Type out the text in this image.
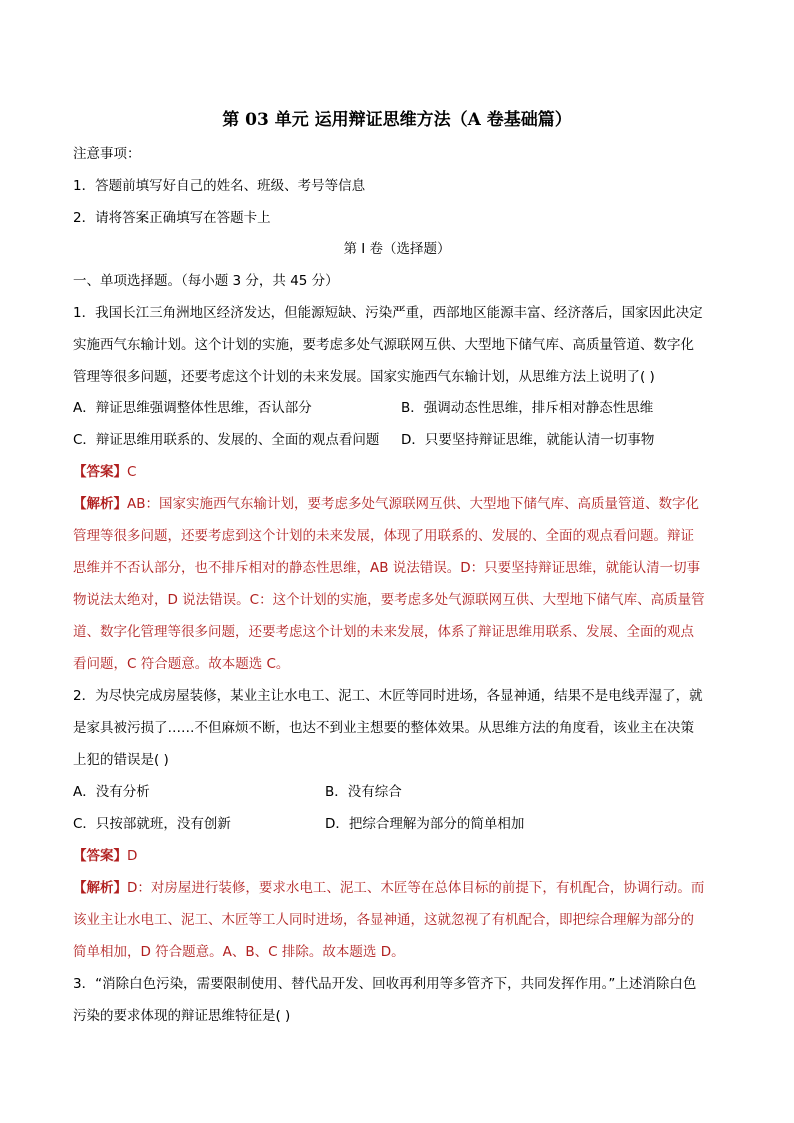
第 03 单元 运用辩证思维方法（A 卷基础篇）
注意事项：
1．答题前填写好自己的姓名、班级、考号等信息
2．请将答案正确填写在答题卡上
第 I 卷（选择题）
一、单项选择题。（每小题 3 分，共 45 分）
1．我国长江三角洲地区经济发达，但能源短缺、污染严重，西部地区能源丰富、经济落后，国家因此决定
实施西气东输计划。这个计划的实施，要考虑多处气源联网互供、大型地下储气库、高质量管道、数字化
管理等很多问题，还要考虑这个计划的未来发展。国家实施西气东输计划，从思维方法上说明了( )
A．辩证思维强调整体性思维，否认部分	B．强调动态性思维，排斥相对静态性思维
C．辩证思维用联系的、发展的、全面的观点看问题 D．只要坚持辩证思维，就能认清一切事物
【答案】C
【解析】AB：国家实施西气东输计划，要考虑多处气源联网互供、大型地下储气库、高质量管道、数字化
管理等很多问题，还要考虑到这个计划的未来发展，体现了用联系的、发展的、全面的观点看问题。辩证
思维并不否认部分，也不排斥相对的静态性思维，AB 说法错误。D：只要坚持辩证思维，就能认清一切事
物说法太绝对，D 说法错误。C：这个计划的实施，要考虑多处气源联网互供、大型地下储气库、高质量管
道、数字化管理等很多问题，还要考虑这个计划的未来发展，体系了辩证思维用联系、发展、全面的观点
看问题，C 符合题意。故本题选 C。
2．为尽快完成房屋装修，某业主让水电工、泥工、木匠等同时进场，各显神通，结果不是电线弄湿了，就
是家具被污损了……不但麻烦不断，也达不到业主想要的整体效果。从思维方法的角度看，该业主在决策
上犯的错误是( )
A．没有分析	B．没有综合
C．只按部就班，没有创新	D．把综合理解为部分的简单相加
【答案】D
【解析】D：对房屋进行装修，要求水电工、泥工、木匠等在总体目标的前提下，有机配合，协调行动。而
该业主让水电工、泥工、木匠等工人同时进场，各显神通，这就忽视了有机配合，即把综合理解为部分的
简单相加，D 符合题意。A、B、C 排除。故本题选 D。
3．“消除白色污染，需要限制使用、替代品开发、回收再利用等多管齐下，共同发挥作用。”上述消除白色
污染的要求体现的辩证思维特征是( )
